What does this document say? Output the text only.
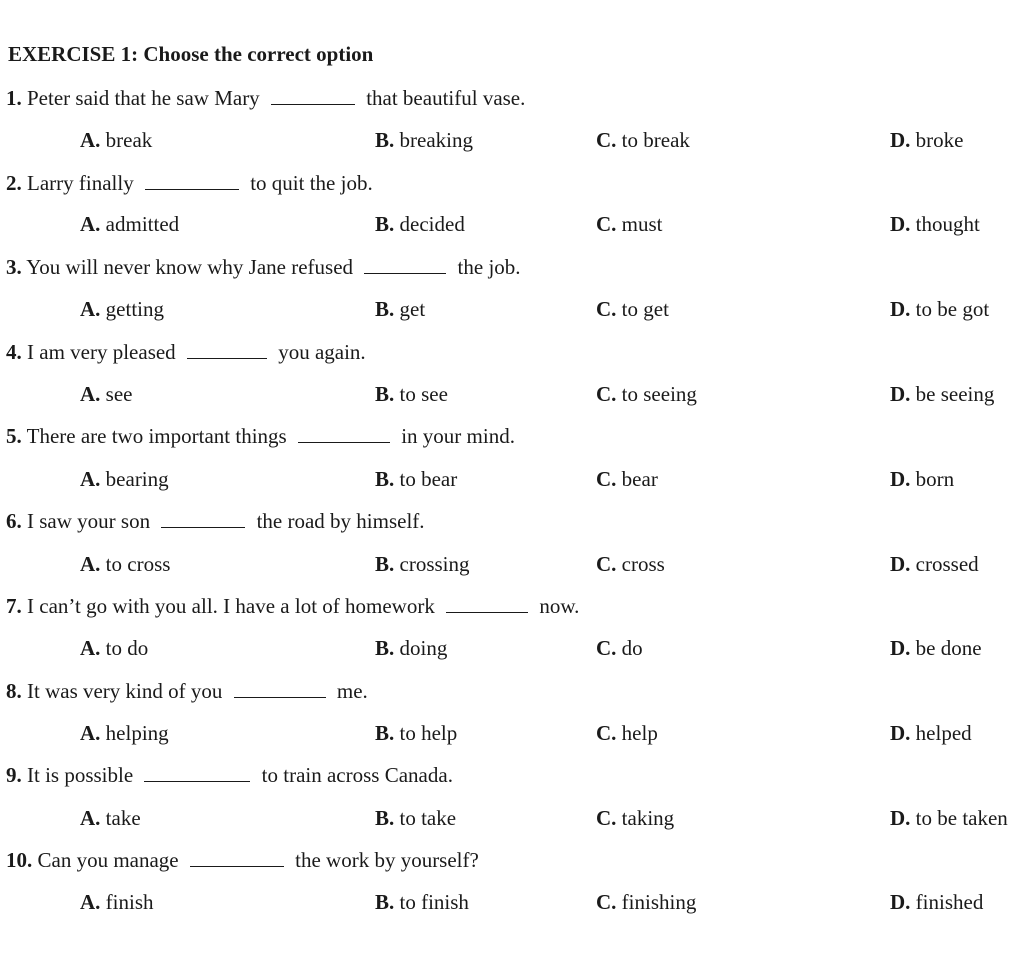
EXERCISE 1: Choose the correct option
1. Peter said that he saw Mary	that beautiful vase.
A. break	B. breaking	C. to break	D. broke
2. Larry finally	to quit the job.
A. admitted	B. decided	C. must	D. thought
3. You will never know why Jane refused	the job.
A. getting	B. get	C. to get	D. to be got
4. I am very pleased	you again.
A. see	B. to see	C. to seeing	D. be seeing
5. There are two important things	in your mind.
A. bearing	B. to bear	C. bear	D. born
6. I saw your son	the road by himself.
A. to cross	B. crossing	C. cross	D. crossed
7. I can’t go with you all. I have a lot of homework	now.
A. to do	B. doing	C. do	D. be done
8. It was very kind of you	me.
A. helping	B. to help	C. help	D. helped
9. It is possible	to train across Canada.
A. take	B. to take	C. taking	D. to be taken
10. Can you manage	the work by yourself?
A. finish	B. to finish	C. finishing	D. finished
